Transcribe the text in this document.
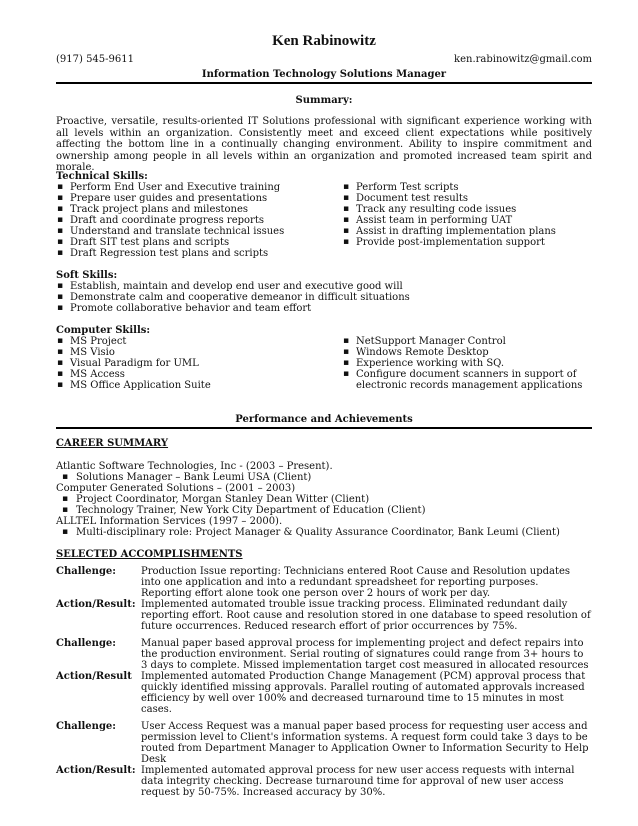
Ken Rabinowitz
(917) 545-9611	ken.rabinowitz@gmail.com
Information Technology Solutions Manager
Summary:
Proactive, versatile, results-oriented IT Solutions professional with significant experience working with all levels within an organization. Consistently meet and exceed client expectations while positively affecting the bottom line in a continually changing environment. Ability to inspire commitment and ownership among people in all levels within an organization and promoted increased team spirit and morale.
Technical Skills:
▪ Perform End User and Executive training
▪ Prepare user guides and presentations
▪ Track project plans and milestones
▪ Draft and coordinate progress reports
▪ Understand and translate technical issues
▪ Draft SIT test plans and scripts
▪ Draft Regression test plans and scripts
▪ Perform Test scripts
▪ Document test results
▪ Track any resulting code issues
▪ Assist team in performing UAT
▪ Assist in drafting implementation plans
▪ Provide post-implementation support
Soft Skills:
▪ Establish, maintain and develop end user and executive good will
▪ Demonstrate calm and cooperative demeanor in difficult situations
▪ Promote collaborative behavior and team effort
Computer Skills:
▪ MS Project
▪ MS Visio
▪ Visual Paradigm for UML
▪ MS Access
▪ MS Office Application Suite
▪ NetSupport Manager Control
▪ Windows Remote Desktop
▪ Experience working with SQ.
▪ Configure document scanners in support of electronic records management applications
Performance and Achievements
CAREER SUMMARY
Atlantic Software Technologies, Inc - (2003 – Present).
▪ Solutions Manager – Bank Leumi USA (Client)
Computer Generated Solutions – (2001 – 2003)
▪ Project Coordinator, Morgan Stanley Dean Witter (Client)
▪ Technology Trainer, New York City Department of Education (Client)
ALLTEL Information Services (1997 – 2000).
▪ Multi-disciplinary role: Project Manager & Quality Assurance Coordinator, Bank Leumi (Client)
SELECTED ACCOMPLISHMENTS
Challenge:	Production Issue reporting: Technicians entered Root Cause and Resolution updates into one application and into a redundant spreadsheet for reporting purposes. Reporting effort alone took one person over 2 hours of work per day.
Action/Result: Implemented automated trouble issue tracking process. Eliminated redundant daily reporting effort. Root cause and resolution stored in one database to speed resolution of future occurrences. Reduced research effort of prior occurrences by 75%.
Challenge:	Manual paper based approval process for implementing project and defect repairs into the production environment. Serial routing of signatures could range from 3+ hours to 3 days to complete. Missed implementation target cost measured in allocated resources
Action/Result Implemented automated Production Change Management (PCM) approval process that quickly identified missing approvals. Parallel routing of automated approvals increased efficiency by well over 100% and decreased turnaround time to 15 minutes in most cases.
Challenge:	User Access Request was a manual paper based process for requesting user access and permission level to Client's information systems. A request form could take 3 days to be routed from Department Manager to Application Owner to Information Security to Help Desk
Action/Result: Implemented automated approval process for new user access requests with internal data integrity checking. Decrease turnaround time for approval of new user access request by 50-75%. Increased accuracy by 30%.
